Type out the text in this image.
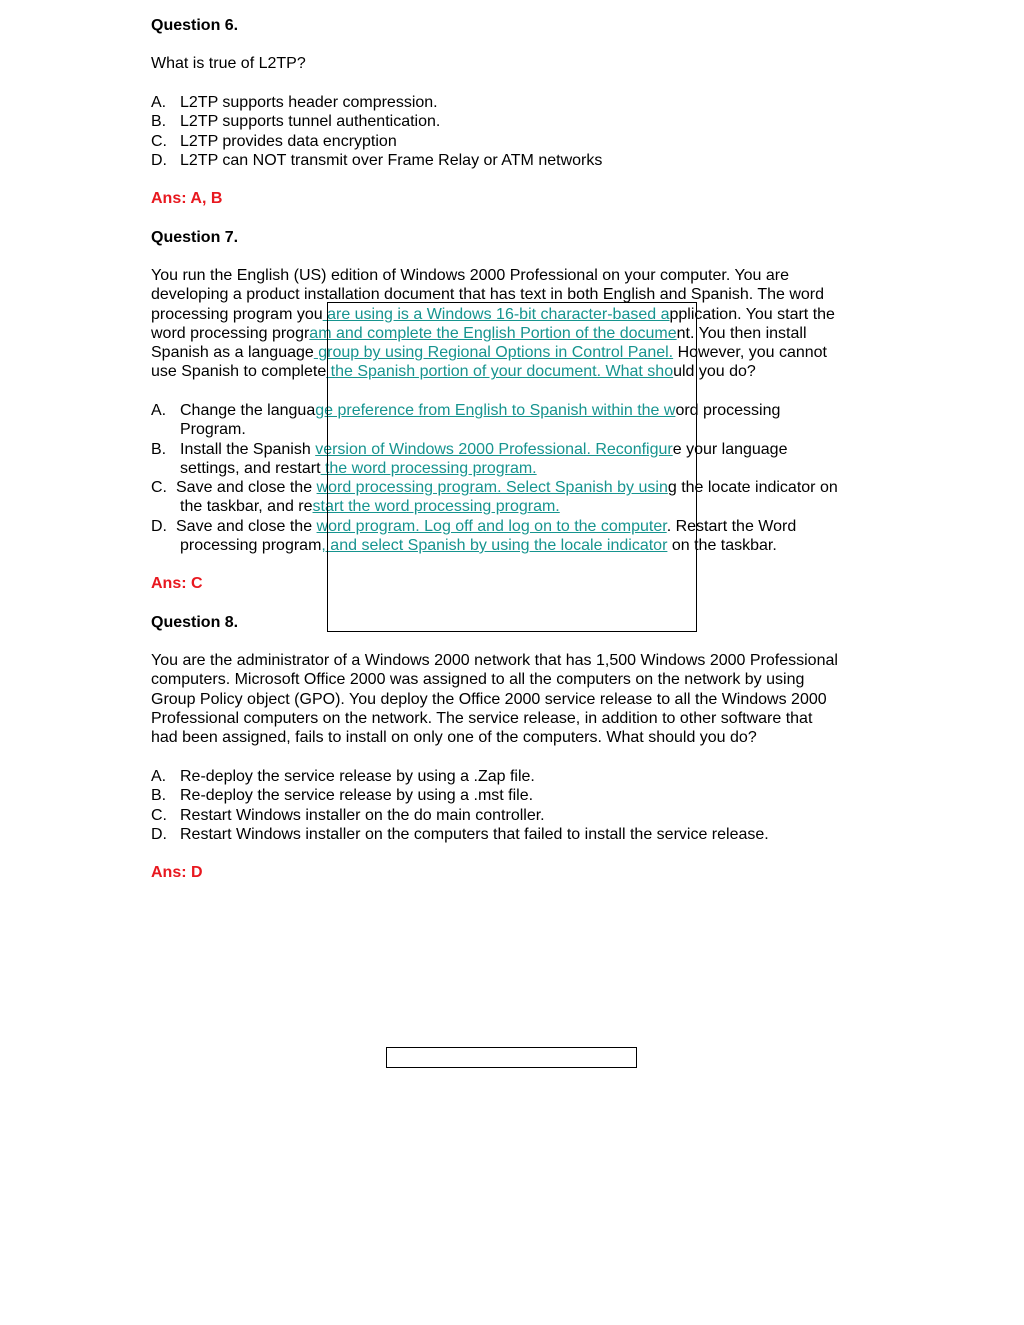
Question 6.
What is true of L2TP?
A. L2TP supports header compression.
B. L2TP supports tunnel authentication.
C. L2TP provides data encryption
D. L2TP can NOT transmit over Frame Relay or ATM networks
Ans: A, B
Question 7.
You run the English (US) edition of Windows 2000 Professional on your computer. You are
developing a product installation document that has text in both English and Spanish. The word
processing program you are using is a Windows 16-bit character-based application. You start the
word processing program and complete the English Portion of the document. You then install
Spanish as a language group by using Regional Options in Control Panel. However, you cannot
use Spanish to complete the Spanish portion of your document. What should you do?
A. Change the language preference from English to Spanish within the word processing
Program.
B. Install the Spanish version of Windows 2000 Professional. Reconfigure your language
settings, and restart the word processing program.
C. Save and close the word processing program. Select Spanish by using the locate indicator on
the taskbar, and restart the word processing program.
D. Save and close the word program. Log off and log on to the computer. Restart the Word
processing program, and select Spanish by using the locale indicator on the taskbar.
Ans: C
Question 8.
You are the administrator of a Windows 2000 network that has 1,500 Windows 2000 Professional
computers. Microsoft Office 2000 was assigned to all the computers on the network by using
Group Policy object (GPO). You deploy the Office 2000 service release to all the Windows 2000
Professional computers on the network. The service release, in addition to other software that
had been assigned, fails to install on only one of the computers. What should you do?
A. Re-deploy the service release by using a .Zap file.
B. Re-deploy the service release by using a .mst file.
C. Restart Windows installer on the do main controller.
D. Restart Windows installer on the computers that failed to install the service release.
Ans: D
